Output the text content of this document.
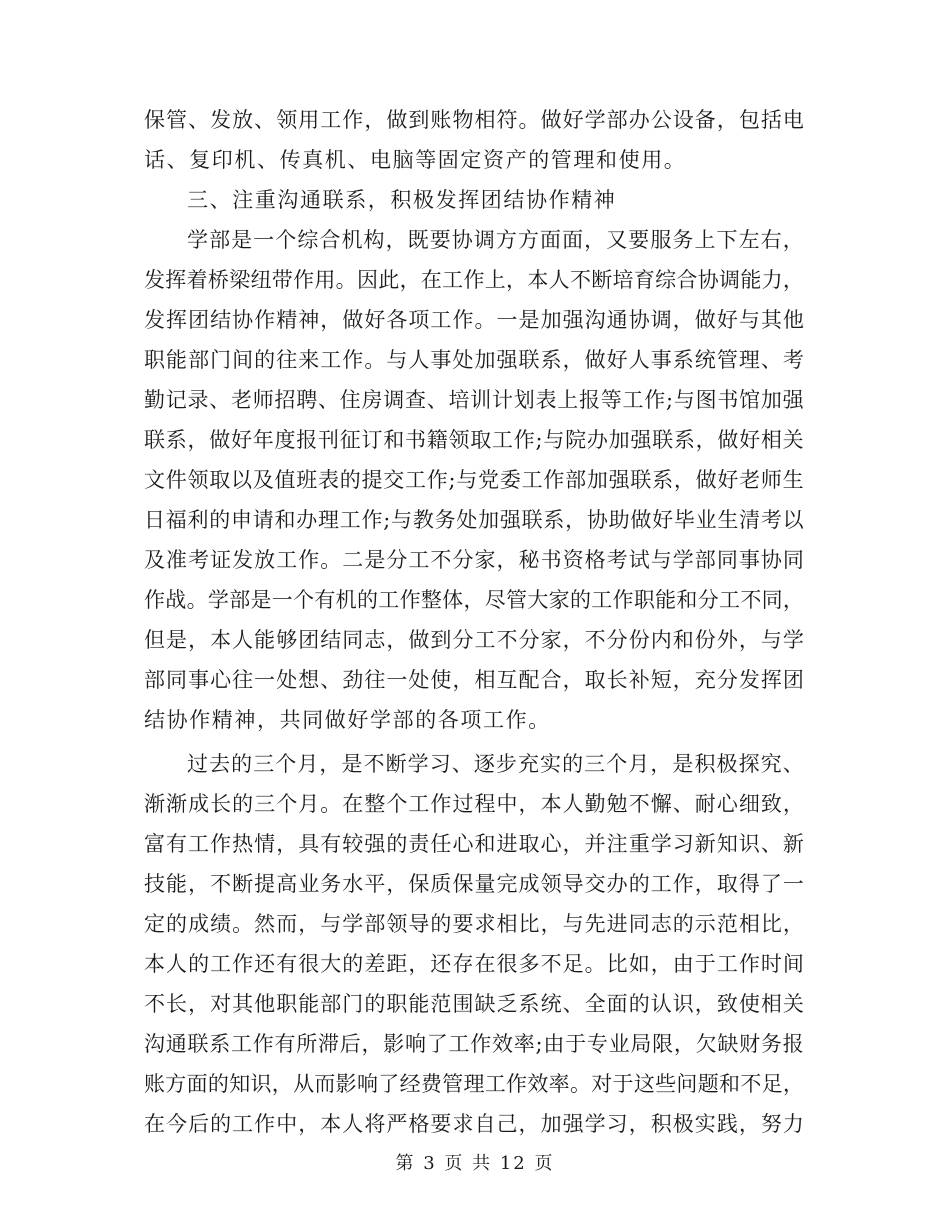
保 管 、 发 放 、 领 用 工 作 ， 做 到 账 物 相 符 。 做 好 学 部 办 公 设 备 ， 包 括 电
话、复印机、传真机、电脑等固定资产的管理和使用。
三、注重沟通联系，积极发挥团结协作精神
学 部 是 一 个 综 合 机 构 ， 既 要 协 调 方 方 面 面 ， 又 要 服 务 上 下 左 右 ，
发 挥 着 桥 梁 纽 带 作 用 。 因 此 ， 在 工 作 上 ， 本 人 不 断 培 育 综 合 协 调 能 力 ，
发 挥 团 结 协 作 精 神 ， 做 好 各 项 工 作 。 一 是 加 强 沟 通 协 调 ， 做 好 与 其 他
职 能 部 门 间 的 往 来 工 作 。 与 人 事 处 加 强 联 系 ， 做 好 人 事 系 统 管 理 、 考
勤 记 录 、 老 师 招 聘 、 住 房 调 查 、 培 训 计 划 表 上 报 等 工 作 ; 与 图 书 馆 加 强
联 系 ， 做 好 年 度 报 刊 征 订 和 书 籍 领 取 工 作 ; 与 院 办 加 强 联 系 ， 做 好 相 关
文 件 领 取 以 及 值 班 表 的 提 交 工 作 ; 与 党 委 工 作 部 加 强 联 系 ， 做 好 老 师 生
日 福 利 的 申 请 和 办 理 工 作 ; 与 教 务 处 加 强 联 系 ， 协 助 做 好 毕 业 生 清 考 以
及 准 考 证 发 放 工 作 。 二 是 分 工 不 分 家 ， 秘 书 资 格 考 试 与 学 部 同 事 协 同
作 战 。 学 部 是 一 个 有 机 的 工 作 整 体 ， 尽 管 大 家 的 工 作 职 能 和 分 工 不 同 ，
但 是 ， 本 人 能 够 团 结 同 志 ， 做 到 分 工 不 分 家 ， 不 分 份 内 和 份 外 ， 与 学
部 同 事 心 往 一 处 想 、 劲 往 一 处 使 ， 相 互 配 合 ， 取 长 补 短 ， 充 分 发 挥 团
结协作精神，共同做好学部的各项工作。
过 去 的 三 个 月 ， 是 不 断 学 习 、 逐 步 充 实 的 三 个 月 ， 是 积 极 探 究 、
渐 渐 成 长 的 三 个 月 。 在 整 个 工 作 过 程 中 ， 本 人 勤 勉 不 懈 、 耐 心 细 致 ，
富 有 工 作 热 情 ， 具 有 较 强 的 责 任 心 和 进 取 心 ， 并 注 重 学 习 新 知 识 、 新
技 能 ， 不 断 提 高 业 务 水 平 ， 保 质 保 量 完 成 领 导 交 办 的 工 作 ， 取 得 了 一
定 的 成 绩 。 然 而 ， 与 学 部 领 导 的 要 求 相 比 ， 与 先 进 同 志 的 示 范 相 比 ，
本 人 的 工 作 还 有 很 大 的 差 距 ， 还 存 在 很 多 不 足 。 比 如 ， 由 于 工 作 时 间
不 长 ， 对 其 他 职 能 部 门 的 职 能 范 围 缺 乏 系 统 、 全 面 的 认 识 ， 致 使 相 关
沟 通 联 系 工 作 有 所 滞 后 ， 影 响 了 工 作 效 率 ; 由 于 专 业 局 限 ， 欠 缺 财 务 报
账 方 面 的 知 识 ， 从 而 影 响 了 经 费 管 理 工 作 效 率 。 对 于 这 些 问 题 和 不 足 ，
在 今 后 的 工 作 中 ， 本 人 将 严 格 要 求 自 己 ， 加 强 学 习 ， 积 极 实 践 ， 努 力
第 3 页 共 12 页
